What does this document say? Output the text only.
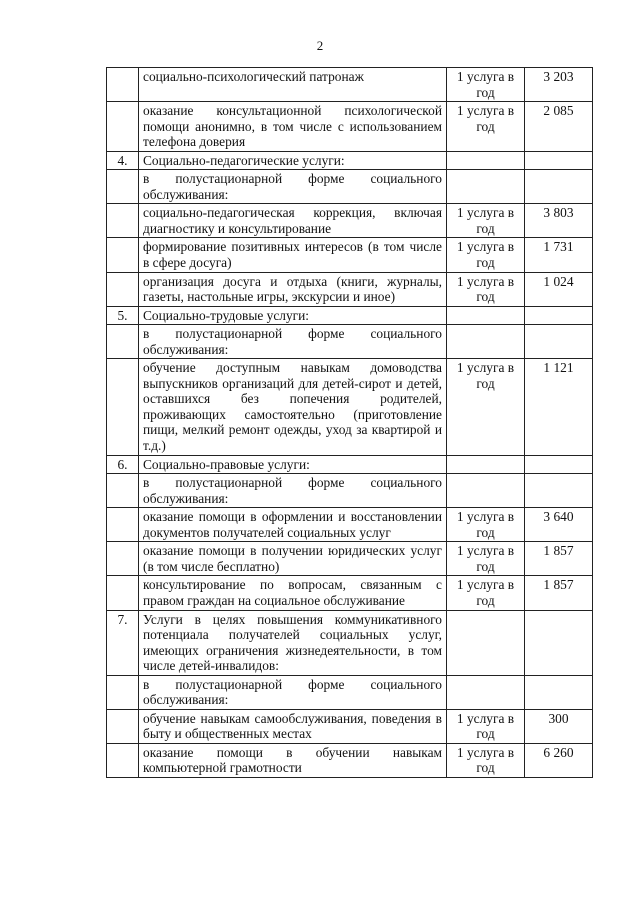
2
	социально-психологический патронаж	1 услуга в год	3 203
	оказание консультационной психологической помощи анонимно, в том числе с использованием телефона доверия	1 услуга в год	2 085
4.	Социально-педагогические услуги:		
	в полустационарной форме социального обслуживания:		
	социально-педагогическая коррекция, включая диагностику и консультирование	1 услуга в год	3 803
	формирование позитивных интересов (в том числе в сфере досуга)	1 услуга в год	1 731
	организация досуга и отдыха (книги, журналы, газеты, настольные игры, экскурсии и иное)	1 услуга в год	1 024
5.	Социально-трудовые услуги:		
	в полустационарной форме социального обслуживания:		
	обучение доступным навыкам домоводства выпускников организаций для детей-сирот и детей, оставшихся без попечения родителей, проживающих самостоятельно (приготовление пищи, мелкий ремонт одежды, уход за квартирой и т.д.)	1 услуга в год	1 121
6.	Социально-правовые услуги:		
	в полустационарной форме социального обслуживания:		
	оказание помощи в оформлении и восстановлении документов получателей социальных услуг	1 услуга в год	3 640
	оказание помощи в получении юридических услуг (в том числе бесплатно)	1 услуга в год	1 857
	консультирование по вопросам, связанным с правом граждан на социальное обслуживание	1 услуга в год	1 857
7.	Услуги в целях повышения коммуникативного потенциала получателей социальных услуг, имеющих ограничения жизнедеятельности, в том числе детей-инвалидов:		
	в полустационарной форме социального обслуживания:		
	обучение навыкам самообслуживания, поведения в быту и общественных местах	1 услуга в год	300
	оказание помощи в обучении навыкам компьютерной грамотности	1 услуга в год	6 260
